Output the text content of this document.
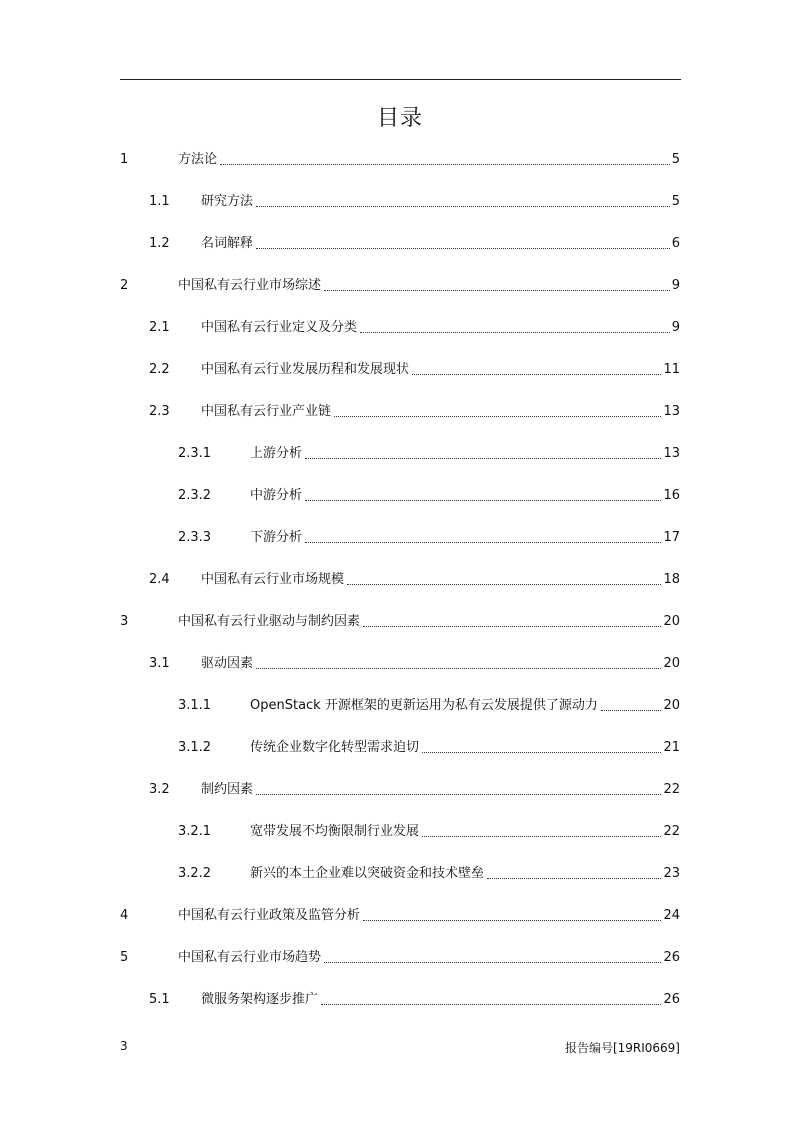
目录
1	方法论	5
1.1 研究方法	5
1.2 名词解释	6
2	中国私有云行业市场综述	9
2.1 中国私有云行业定义及分类	9
2.2 中国私有云行业发展历程和发展现状	11
2.3 中国私有云行业产业链	13
2.3.1	上游分析	13
2.3.2	中游分析	16
2.3.3	下游分析	17
2.4 中国私有云行业市场规模	18
3	中国私有云行业驱动与制约因素	20
3.1 驱动因素	20
3.1.1	OpenStack 开源框架的更新运用为私有云发展提供了源动力	20
3.1.2	传统企业数字化转型需求迫切	21
3.2 制约因素	22
3.2.1	宽带发展不均衡限制行业发展	22
3.2.2	新兴的本土企业难以突破资金和技术壁垒	23
4	中国私有云行业政策及监管分析	24
5	中国私有云行业市场趋势	26
5.1 微服务架构逐步推广	26
3	报告编号[19RI0669]
